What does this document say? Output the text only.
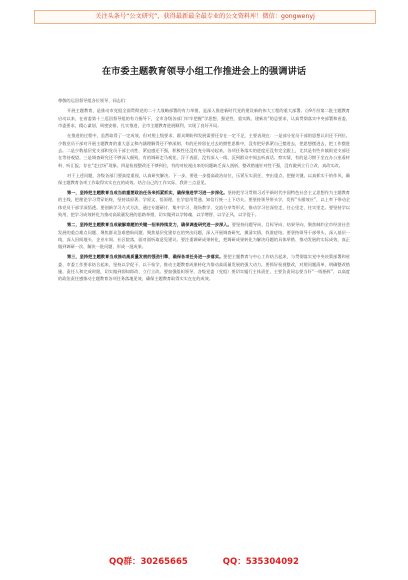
关注头条号“公文研究”，获得最新最全最专业的公文资料库！微信：gongwenyj
在市委主题教育领导小组工作推进会上的强调讲话

尊敬的运回督导组各位领导、同志们：

开展主题教育，是推动市党组全面贯彻党的二十大战略部署的有力举措，是深入推进新时代党的建设新的伟大工程的重大部署。自9月份第二批主题教育启动以来，在省委第十三巡回督导组的有力指导下，全市各级各部门牢牢把握“学思想、强党性、重实践、建新功”的总要求，认真贯彻落实中央部署和省委、市委要求，精心谋划，周密安排，扎实推进，全市主题教育进展顺利，实现了良好开局。

在推进的过程中，虽然取得了一定成效，但对照上级要求、群众期盼和发展需要还存在一定不足，主要表现在：一是部分党员干部的思想认识还不到位。少数党员干部对开展主题教育的重大意义和内涵理解得还不够深刻，有的还停留在过去的惯性思维中，没有把好抓紧自己摆进去，把思想摆进去，把工作摆进去。二是少数基层党支部和党员干部主动性、紧迫感还不强，积极性还没有充分调动起来，各项任务落实的进度还没有完全跟上，尤其是有些乡镇街党支部还在等待观望。三是调查研究还不够深入细致，有的调研走马观花、浮于表面，没有深入一线、沉到群众中间去听真话、察实情，有的是习惯于坐在办公室看材料、听汇报，存在“走过场”现象。四是检视整改还不够到位，有的对检视出来的问题缺乏深入剖析，整改措施针对性不强，没有做到立行立改、真改实改。

对于上述问题，各级各部门要高度重视，认真研究解决。下一步，要进一步提高政治站位，压紧压实责任，突出重点，把握关键，以真抓实干的作风，确保主题教育各项工作取得实实在在的成效。结合自己的工作实际，我讲三点意见。

第一，坚持把主题教育当成当前重要政治任务来抓紧抓实，确保推进学习进一步深化。坚持把学习贯彻习近平新时代中国特色社会主义思想作为主题教育的主线，把理论学习贯穿始终，坚持读原著、学原文、悟原理，在学思用贯通、知信行统一上下功夫。要坚持领导带头学，发挥“头雁效应”，以上率下带动全体党员干部学深悟透。要创新学习方式方法，通过专题研讨、集中学习、现场教学、交流分享等形式，推动学习往深里走、往心里走、往实里走。要坚持学以致用，把学习成效转化为推动高质量发展的思路举措，切实做到以学铸魂、以学增智、以学正风、以学促干。

第二，坚持把主题教育当成破解难题的关键一招来持续发力，确保调查研究进一步深入。要坚持问题导向、目标导向、结果导向，聚焦制约全市经济社会发展的重点难点问题、聚焦群众急难愁盼问题、聚焦基层党建存在的突出问题，深入开展调查研究，摸清实情，找准症结。要坚持领导干部带头，深入基层一线，深入田间地头、企业车间、社区院落，面对面听取意见建议。要注重调研成果转化，把调研成果转化为解决问题的具体举措、推动发展的实际成效，真正做到调研一次、解决一批问题、形成一批成果。

第三，坚持把主题教育当成推动高质量发展的强劲引擎，确保各项任务进一步落实。要把主题教育与中心工作结合起来，与贯彻落实党中央决策部署和省委、市委工作要求结合起来，坚持以学促干、以干检学，推动主题教育成果转化为推动高质量发展的强大动力。要抓好检视整改，对照问题清单，明确整改措施、责任人和完成时限，切实做到即知即改、立行立改。要加强组织领导，各级党委（党组）要切实履行主体责任，主要负责同志要当好“一线指挥”，以高度的政治责任感推动主题教育各项任务落地见效，确保主题教育取得实实在在的成效。

QQ群：30265665	QQ：535304092
